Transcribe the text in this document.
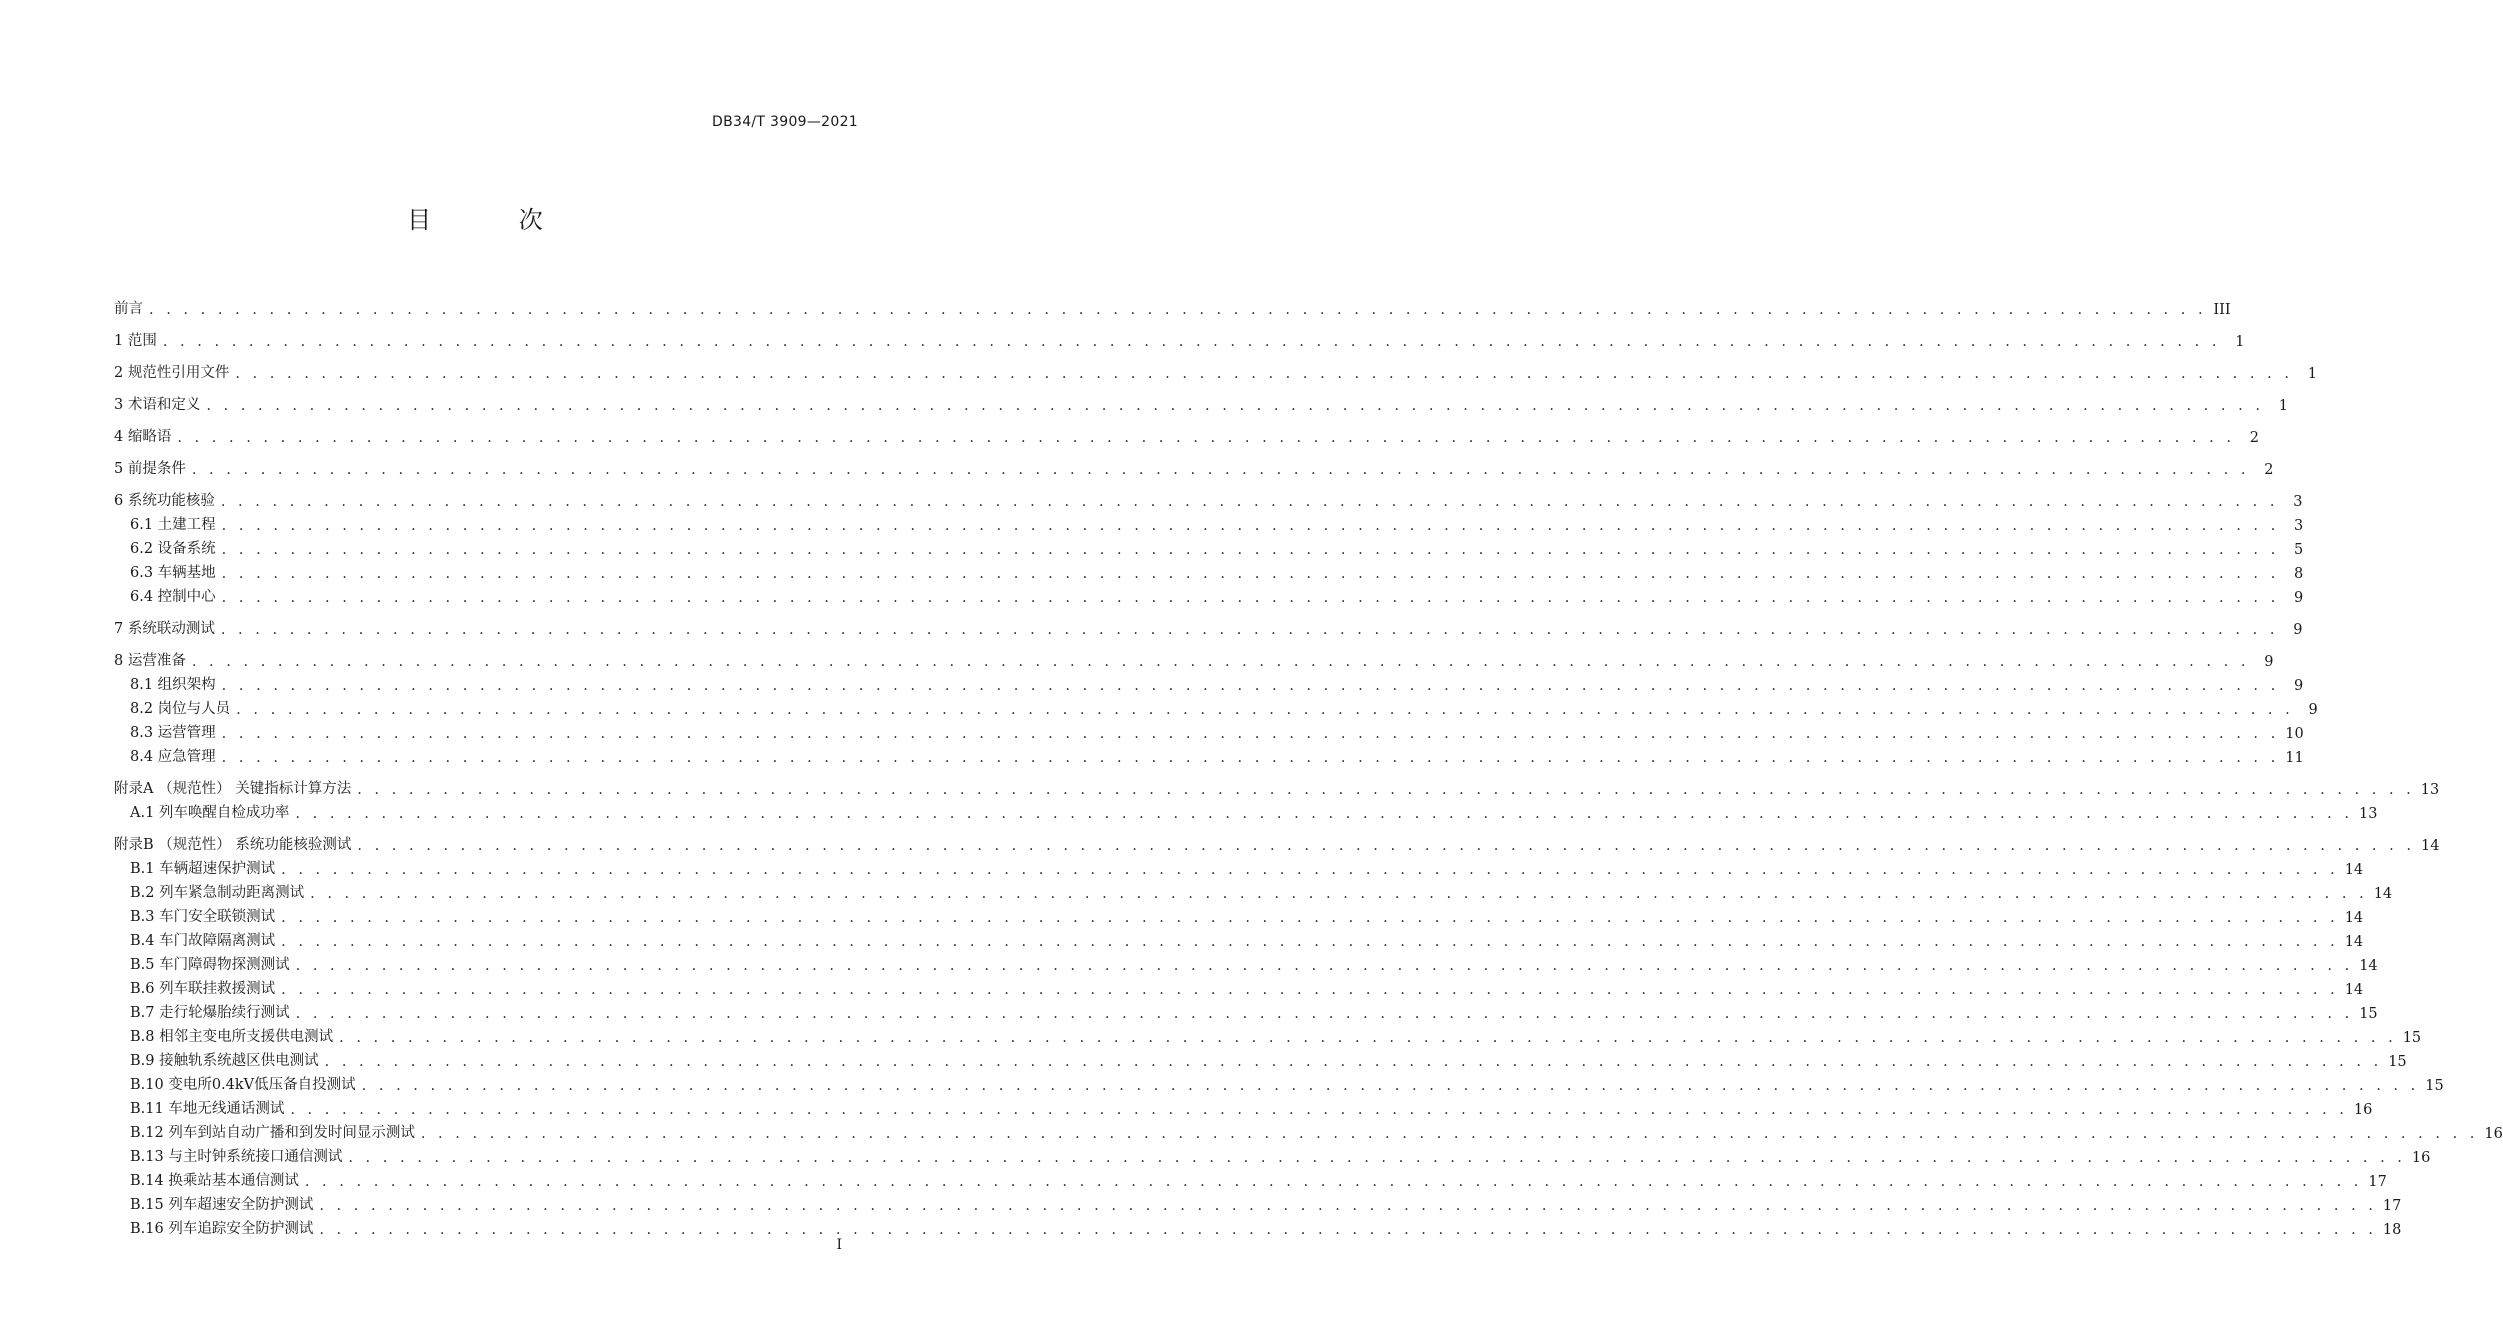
DB34/T 3909—2021
目 次
前言 . . . . . . . . . . . . . . . . . . . . . . . . . . . . . . . . . . . . . . . . . . . . . . . . . . . . . . . . . . . . . . . . . . . . . . . . . . . . . . . . . . . . . . . . . . . . . . . . . . . . . . . . . . . . . . . . . . . . . . . . III
1 范围 . . . . . . . . . . . . . . . . . . . . . . . . . . . . . . . . . . . . . . . . . . . . . . . . . . . . . . . . . . . . . . . . . . . . . . . . . . . . . . . . . . . . . . . . . . . . . . . . . . . . . . . . . . . . . . . . . . . . . . . .	1
2 规范性引用文件 . . . . . . . . . . . . . . . . . . . . . . . . . . . . . . . . . . . . . . . . . . . . . . . . . . . . . . . . . . . . . . . . . . . . . . . . . . . . . . . . . . . . . . . . . . . . . . . . . . . . . . . . . . . . . . . . . . . . . . . .	1
3 术语和定义 . . . . . . . . . . . . . . . . . . . . . . . . . . . . . . . . . . . . . . . . . . . . . . . . . . . . . . . . . . . . . . . . . . . . . . . . . . . . . . . . . . . . . . . . . . . . . . . . . . . . . . . . . . . . . . . . . . . . . . . .	1
4 缩略语 . . . . . . . . . . . . . . . . . . . . . . . . . . . . . . . . . . . . . . . . . . . . . . . . . . . . . . . . . . . . . . . . . . . . . . . . . . . . . . . . . . . . . . . . . . . . . . . . . . . . . . . . . . . . . . . . . . . . . . . .	2
5 前提条件 . . . . . . . . . . . . . . . . . . . . . . . . . . . . . . . . . . . . . . . . . . . . . . . . . . . . . . . . . . . . . . . . . . . . . . . . . . . . . . . . . . . . . . . . . . . . . . . . . . . . . . . . . . . . . . . . . . . . . . . .	2
6 系统功能核验 . . . . . . . . . . . . . . . . . . . . . . . . . . . . . . . . . . . . . . . . . . . . . . . . . . . . . . . . . . . . . . . . . . . . . . . . . . . . . . . . . . . . . . . . . . . . . . . . . . . . . . . . . . . . . . . . . . . . . . . .	3
6.1 土建工程 . . . . . . . . . . . . . . . . . . . . . . . . . . . . . . . . . . . . . . . . . . . . . . . . . . . . . . . . . . . . . . . . . . . . . . . . . . . . . . . . . . . . . . . . . . . . . . . . . . . . . . . . . . . . . . . . . . . . . . . .	3
6.2 设备系统 . . . . . . . . . . . . . . . . . . . . . . . . . . . . . . . . . . . . . . . . . . . . . . . . . . . . . . . . . . . . . . . . . . . . . . . . . . . . . . . . . . . . . . . . . . . . . . . . . . . . . . . . . . . . . . . . . . . . . . . .	5
6.3 车辆基地 . . . . . . . . . . . . . . . . . . . . . . . . . . . . . . . . . . . . . . . . . . . . . . . . . . . . . . . . . . . . . . . . . . . . . . . . . . . . . . . . . . . . . . . . . . . . . . . . . . . . . . . . . . . . . . . . . . . . . . . .	8
6.4 控制中心 . . . . . . . . . . . . . . . . . . . . . . . . . . . . . . . . . . . . . . . . . . . . . . . . . . . . . . . . . . . . . . . . . . . . . . . . . . . . . . . . . . . . . . . . . . . . . . . . . . . . . . . . . . . . . . . . . . . . . . . .	9
7 系统联动测试 . . . . . . . . . . . . . . . . . . . . . . . . . . . . . . . . . . . . . . . . . . . . . . . . . . . . . . . . . . . . . . . . . . . . . . . . . . . . . . . . . . . . . . . . . . . . . . . . . . . . . . . . . . . . . . . . . . . . . . . .	9
8 运营准备 . . . . . . . . . . . . . . . . . . . . . . . . . . . . . . . . . . . . . . . . . . . . . . . . . . . . . . . . . . . . . . . . . . . . . . . . . . . . . . . . . . . . . . . . . . . . . . . . . . . . . . . . . . . . . . . . . . . . . . . .	9
8.1 组织架构 . . . . . . . . . . . . . . . . . . . . . . . . . . . . . . . . . . . . . . . . . . . . . . . . . . . . . . . . . . . . . . . . . . . . . . . . . . . . . . . . . . . . . . . . . . . . . . . . . . . . . . . . . . . . . . . . . . . . . . . .	9
8.2 岗位与人员 . . . . . . . . . . . . . . . . . . . . . . . . . . . . . . . . . . . . . . . . . . . . . . . . . . . . . . . . . . . . . . . . . . . . . . . . . . . . . . . . . . . . . . . . . . . . . . . . . . . . . . . . . . . . . . . . . . . . . . . .	9
8.3 运营管理 . . . . . . . . . . . . . . . . . . . . . . . . . . . . . . . . . . . . . . . . . . . . . . . . . . . . . . . . . . . . . . . . . . . . . . . . . . . . . . . . . . . . . . . . . . . . . . . . . . . . . . . . . . . . . . . . . . . . . . . . 10
8.4 应急管理 . . . . . . . . . . . . . . . . . . . . . . . . . . . . . . . . . . . . . . . . . . . . . . . . . . . . . . . . . . . . . . . . . . . . . . . . . . . . . . . . . . . . . . . . . . . . . . . . . . . . . . . . . . . . . . . . . . . . . . . . 11
附录A （规范性） 关键指标计算方法 . . . . . . . . . . . . . . . . . . . . . . . . . . . . . . . . . . . . . . . . . . . . . . . . . . . . . . . . . . . . . . . . . . . . . . . . . . . . . . . . . . . . . . . . . . . . . . . . . . . . . . . . . . . . . . . . . . . . . . . . 13
A.1 列车唤醒自检成功率 . . . . . . . . . . . . . . . . . . . . . . . . . . . . . . . . . . . . . . . . . . . . . . . . . . . . . . . . . . . . . . . . . . . . . . . . . . . . . . . . . . . . . . . . . . . . . . . . . . . . . . . . . . . . . . . . . . . . . . . . 13
附录B （规范性） 系统功能核验测试 . . . . . . . . . . . . . . . . . . . . . . . . . . . . . . . . . . . . . . . . . . . . . . . . . . . . . . . . . . . . . . . . . . . . . . . . . . . . . . . . . . . . . . . . . . . . . . . . . . . . . . . . . . . . . . . . . . . . . . . . 14
B.1 车辆超速保护测试 . . . . . . . . . . . . . . . . . . . . . . . . . . . . . . . . . . . . . . . . . . . . . . . . . . . . . . . . . . . . . . . . . . . . . . . . . . . . . . . . . . . . . . . . . . . . . . . . . . . . . . . . . . . . . . . . . . . . . . . . 14
B.2 列车紧急制动距离测试 . . . . . . . . . . . . . . . . . . . . . . . . . . . . . . . . . . . . . . . . . . . . . . . . . . . . . . . . . . . . . . . . . . . . . . . . . . . . . . . . . . . . . . . . . . . . . . . . . . . . . . . . . . . . . . . . . . . . . . . . 14
B.3 车门安全联锁测试 . . . . . . . . . . . . . . . . . . . . . . . . . . . . . . . . . . . . . . . . . . . . . . . . . . . . . . . . . . . . . . . . . . . . . . . . . . . . . . . . . . . . . . . . . . . . . . . . . . . . . . . . . . . . . . . . . . . . . . . . 14
B.4 车门故障隔离测试 . . . . . . . . . . . . . . . . . . . . . . . . . . . . . . . . . . . . . . . . . . . . . . . . . . . . . . . . . . . . . . . . . . . . . . . . . . . . . . . . . . . . . . . . . . . . . . . . . . . . . . . . . . . . . . . . . . . . . . . . 14
B.5 车门障碍物探测测试 . . . . . . . . . . . . . . . . . . . . . . . . . . . . . . . . . . . . . . . . . . . . . . . . . . . . . . . . . . . . . . . . . . . . . . . . . . . . . . . . . . . . . . . . . . . . . . . . . . . . . . . . . . . . . . . . . . . . . . . . 14
B.6 列车联挂救援测试 . . . . . . . . . . . . . . . . . . . . . . . . . . . . . . . . . . . . . . . . . . . . . . . . . . . . . . . . . . . . . . . . . . . . . . . . . . . . . . . . . . . . . . . . . . . . . . . . . . . . . . . . . . . . . . . . . . . . . . . . 14
B.7 走行轮爆胎续行测试 . . . . . . . . . . . . . . . . . . . . . . . . . . . . . . . . . . . . . . . . . . . . . . . . . . . . . . . . . . . . . . . . . . . . . . . . . . . . . . . . . . . . . . . . . . . . . . . . . . . . . . . . . . . . . . . . . . . . . . . . 15
B.8 相邻主变电所支援供电测试 . . . . . . . . . . . . . . . . . . . . . . . . . . . . . . . . . . . . . . . . . . . . . . . . . . . . . . . . . . . . . . . . . . . . . . . . . . . . . . . . . . . . . . . . . . . . . . . . . . . . . . . . . . . . . . . . . . . . . . . . 15
B.9 接触轨系统越区供电测试 . . . . . . . . . . . . . . . . . . . . . . . . . . . . . . . . . . . . . . . . . . . . . . . . . . . . . . . . . . . . . . . . . . . . . . . . . . . . . . . . . . . . . . . . . . . . . . . . . . . . . . . . . . . . . . . . . . . . . . . . 15
B.10 变电所0.4kV低压备自投测试 . . . . . . . . . . . . . . . . . . . . . . . . . . . . . . . . . . . . . . . . . . . . . . . . . . . . . . . . . . . . . . . . . . . . . . . . . . . . . . . . . . . . . . . . . . . . . . . . . . . . . . . . . . . . . . . . . . . . . . . . 15
B.11 车地无线通话测试 . . . . . . . . . . . . . . . . . . . . . . . . . . . . . . . . . . . . . . . . . . . . . . . . . . . . . . . . . . . . . . . . . . . . . . . . . . . . . . . . . . . . . . . . . . . . . . . . . . . . . . . . . . . . . . . . . . . . . . . . 16
B.12 列车到站自动广播和到发时间显示测试 . . . . . . . . . . . . . . . . . . . . . . . . . . . . . . . . . . . . . . . . . . . . . . . . . . . . . . . . . . . . . . . . . . . . . . . . . . . . . . . . . . . . . . . . . . . . . . . . . . . . . . . . . . . . . . . . . . . . . . . . 16
B.13 与主时钟系统接口通信测试 . . . . . . . . . . . . . . . . . . . . . . . . . . . . . . . . . . . . . . . . . . . . . . . . . . . . . . . . . . . . . . . . . . . . . . . . . . . . . . . . . . . . . . . . . . . . . . . . . . . . . . . . . . . . . . . . . . . . . . . . 16
B.14 换乘站基本通信测试 . . . . . . . . . . . . . . . . . . . . . . . . . . . . . . . . . . . . . . . . . . . . . . . . . . . . . . . . . . . . . . . . . . . . . . . . . . . . . . . . . . . . . . . . . . . . . . . . . . . . . . . . . . . . . . . . . . . . . . . . 17
B.15 列车超速安全防护测试 . . . . . . . . . . . . . . . . . . . . . . . . . . . . . . . . . . . . . . . . . . . . . . . . . . . . . . . . . . . . . . . . . . . . . . . . . . . . . . . . . . . . . . . . . . . . . . . . . . . . . . . . . . . . . . . . . . . . . . . . 17
B.16 列车追踪安全防护测试 . . . . . . . . . . . . . . . . . . . . . . . . . . . . . . . . . . . . . . . . . . . . . . . . . . . . . . . . . . . . . . . . . . . . . . . . . . . . . . . . . . . . . . . . . . . . . . . . . . . . . . . . . . . . . . . . . . . . . . . . 18
I
